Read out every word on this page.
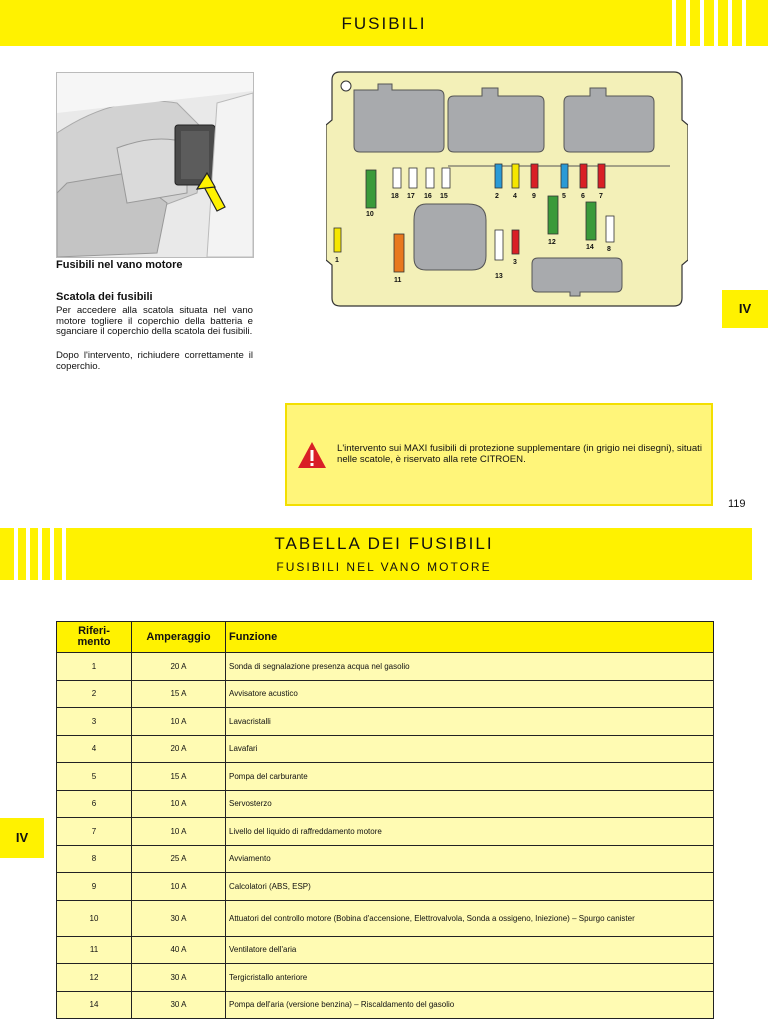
FUSIBILI
Fusibili nel vano motore
Scatola dei fusibili
Per accedere alla scatola situata nel vano motore togliere il coperchio della batteria e sganciare il coperchio della scatola dei fusibili.
Dopo l'intervento, richiudere correttamente il coperchio.
10
18 17 16 15	2 4 9	5 6 7
12
14 8
1
11
13
3
IV
IV
L'intervento sui MAXI fusibili di protezione supplementare (in grigio nei disegni), situati nelle scatole, è riservato alla rete CITROEN.
119
TABELLA DEI FUSIBILI
FUSIBILI NEL VANO MOTORE
Riferi-
mento	Amperaggio	Funzione
1	20 A	Sonda di segnalazione presenza acqua nel gasolio
2	15 A	Avvisatore acustico
3	10 A	Lavacristalli
4	20 A	Lavafari
5	15 A	Pompa del carburante
6	10 A	Servosterzo
7	10 A	Livello del liquido di raffreddamento motore
8	25 A	Avviamento
9	10 A	Calcolatori (ABS, ESP)
10	30 A	Attuatori del controllo motore (Bobina d'accensione, Elettrovalvola, Sonda a ossigeno, Iniezione) – Spurgo canister
11	40 A	Ventilatore dell'aria
12	30 A	Tergicristallo anteriore
14	30 A	Pompa dell'aria (versione benzina) – Riscaldamento del gasolio
